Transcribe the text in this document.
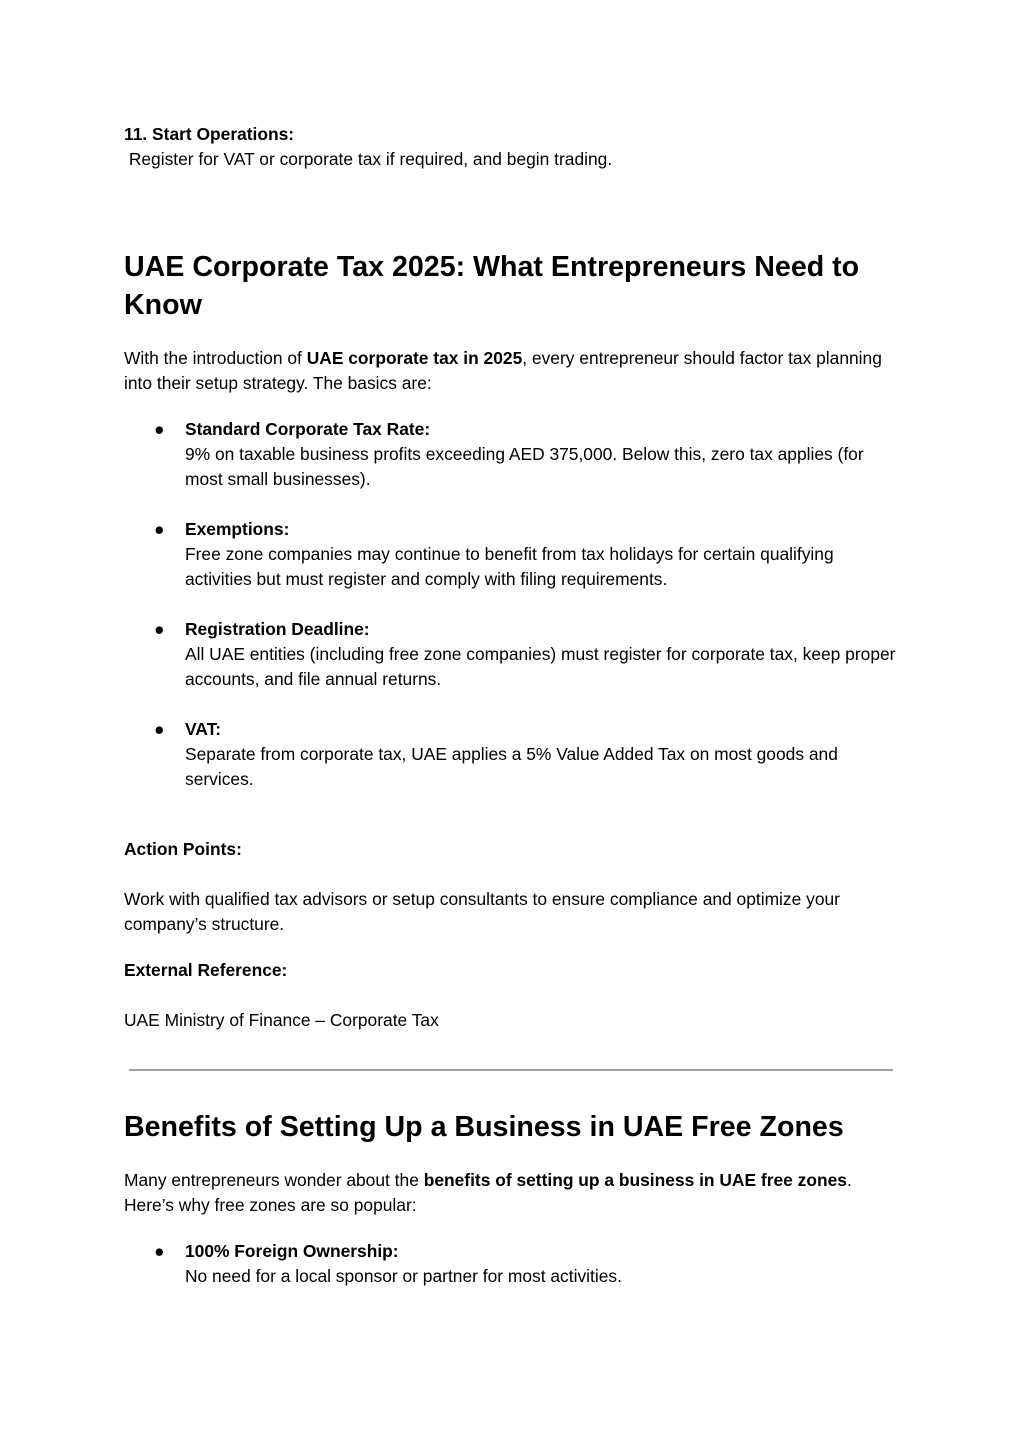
11. Start Operations:
Register for VAT or corporate tax if required, and begin trading.
UAE Corporate Tax 2025: What Entrepreneurs Need to Know

With the introduction of UAE corporate tax in 2025, every entrepreneur should factor tax planning into their setup strategy. The basics are:

● Standard Corporate Tax Rate:
9% on taxable business profits exceeding AED 375,000. Below this, zero tax applies (for most small businesses).
● Exemptions:
Free zone companies may continue to benefit from tax holidays for certain qualifying activities but must register and comply with filing requirements.
● Registration Deadline:
All UAE entities (including free zone companies) must register for corporate tax, keep proper accounts, and file annual returns.
● VAT:
Separate from corporate tax, UAE applies a 5% Value Added Tax on most goods and services.
Action Points:

Work with qualified tax advisors or setup consultants to ensure compliance and optimize your company’s structure.

External Reference:

UAE Ministry of Finance – Corporate Tax

Benefits of Setting Up a Business in UAE Free Zones

Many entrepreneurs wonder about the benefits of setting up a business in UAE free zones. Here’s why free zones are so popular:

● 100% Foreign Ownership:
No need for a local sponsor or partner for most activities.
